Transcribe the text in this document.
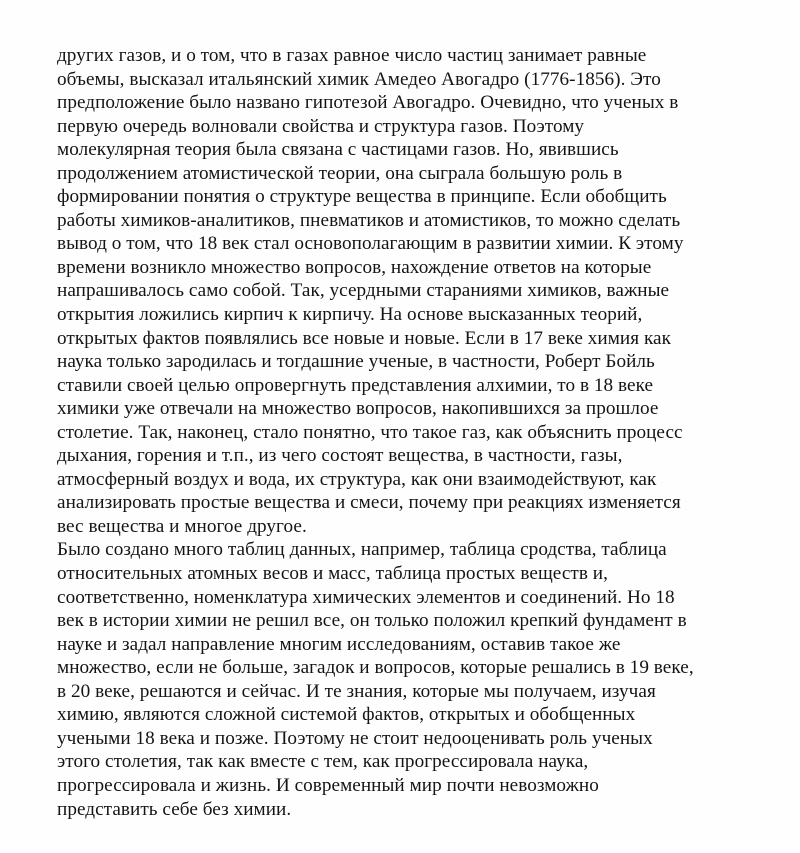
других газов, и о том, что в газах равное число частиц занимает равные
объемы, высказал итальянский химик Амедео Авогадро (1776-1856). Это
предположение было названо гипотезой Авогадро. Очевидно, что ученых в
первую очередь волновали свойства и структура газов. Поэтому
молекулярная теория была связана с частицами газов. Но, явившись
продолжением атомистической теории, она сыграла большую роль в
формировании понятия о структуре вещества в принципе. Если обобщить
работы химиков-аналитиков, пневматиков и атомистиков, то можно сделать
вывод о том, что 18 век стал основополагающим в развитии химии. К этому
времени возникло множество вопросов, нахождение ответов на которые
напрашивалось само собой. Так, усердными стараниями химиков, важные
открытия ложились кирпич к кирпичу. На основе высказанных теорий,
открытых фактов появлялись все новые и новые. Если в 17 веке химия как
наука только зародилась и тогдашние ученые, в частности, Роберт Бойль
ставили своей целью опровергнуть представления алхимии, то в 18 веке
химики уже отвечали на множество вопросов, накопившихся за прошлое
столетие. Так, наконец, стало понятно, что такое газ, как объяснить процесс
дыхания, горения и т.п., из чего состоят вещества, в частности, газы,
атмосферный воздух и вода, их структура, как они взаимодействуют, как
анализировать простые вещества и смеси, почему при реакциях изменяется
вес вещества и многое другое.
Было создано много таблиц данных, например, таблица сродства, таблица
относительных атомных весов и масс, таблица простых веществ и,
соответственно, номенклатура химических элементов и соединений. Но 18
век в истории химии не решил все, он только положил крепкий фундамент в
науке и задал направление многим исследованиям, оставив такое же
множество, если не больше, загадок и вопросов, которые решались в 19 веке,
в 20 веке, решаются и сейчас. И те знания, которые мы получаем, изучая
химию, являются сложной системой фактов, открытых и обобщенных
учеными 18 века и позже. Поэтому не стоит недооценивать роль ученых
этого столетия, так как вместе с тем, как прогрессировала наука,
прогрессировала и жизнь. И современный мир почти невозможно
представить себе без химии.
